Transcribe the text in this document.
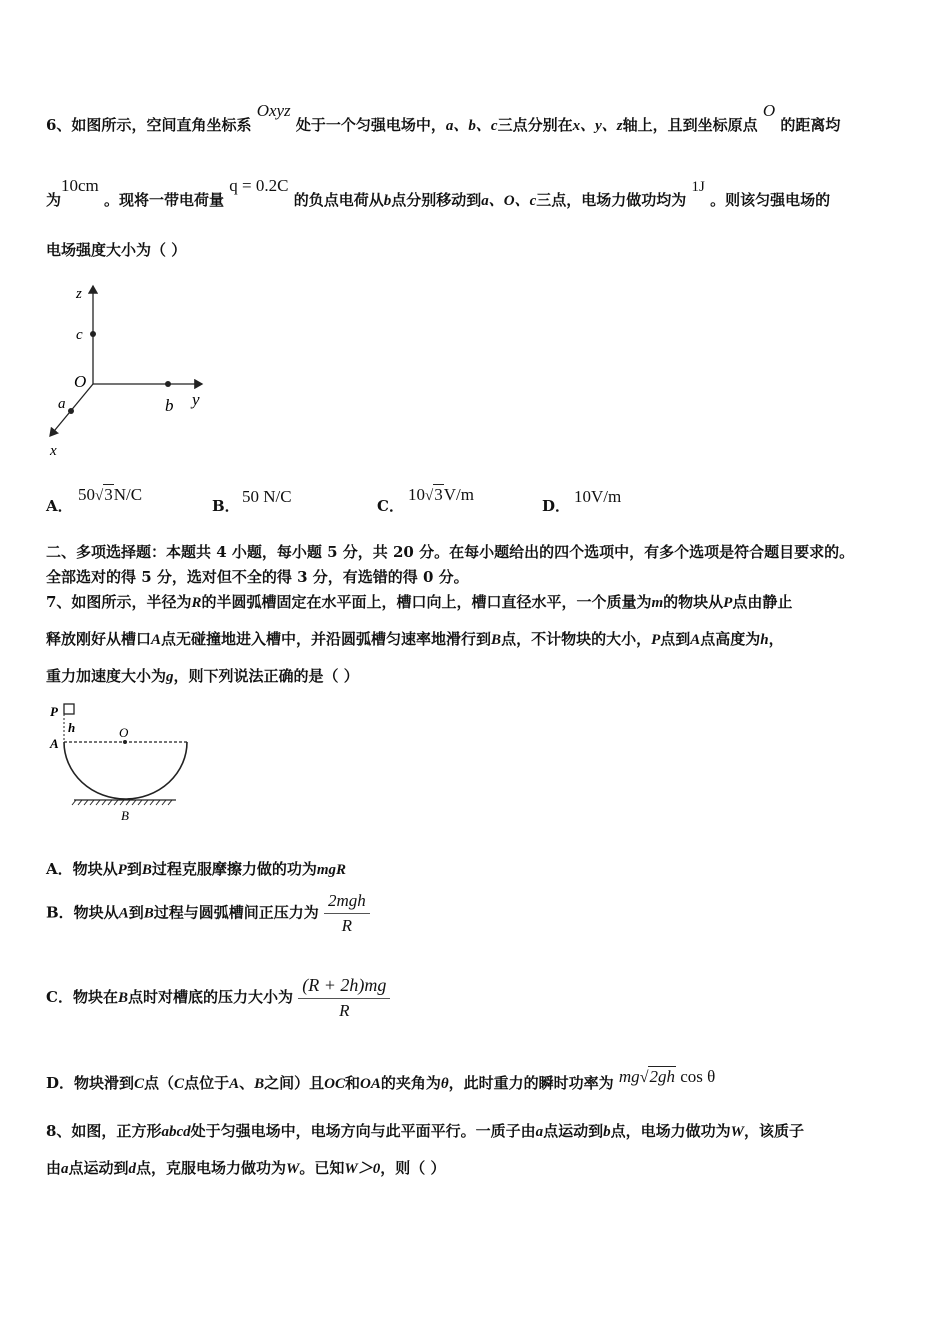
6、如图所示，空间直角坐标系 Oxyz 处于一个匀强电场中，a、b、c三点分别在x、y、z轴上，且到坐标原点 O 的距离均
为10cm 。现将一带电荷量 q = 0.2C 的负点电荷从b点分别移动到a、O、c三点，电场力做功均为 1J 。则该匀强电场的
电场强度大小为（ ）
z
c
O
a	b y
x
A．
50√3N/C
B． 50 N/C	C．
10√3V/m
D． 10V/m
二、多项选择题：本题共 4 小题，每小题 5 分，共 20 分。在每小题给出的四个选项中，有多个选项是符合题目要求的。
全部选对的得 5 分，选对但不全的得 3 分，有选错的得 0 分。
7、如图所示，半径为R的半圆弧槽固定在水平面上，槽口向上，槽口直径水平，一个质量为m的物块从P点由静止
释放刚好从槽口A点无碰撞地进入槽中，并沿圆弧槽匀速率地滑行到B点，不计物块的大小，P点到A点高度为h，
重力加速度大小为g，则下列说法正确的是（ ）
P
h
A
O
B
A．物块从P到B过程克服摩擦力做的功为mgR
B．物块从A到B过程与圆弧槽间正压力为 $\frac{\text{2mgh}}{R}$
C．物块在B点时对槽底的压力大小为 $\frac{(R + 2h)mg}{R}$
D．物块滑到C点（C点位于A、B之间）且OC和OA的夹角为θ，此时重力的瞬时功率为 mg√2gh cos θ
8、如图，正方形abcd处于匀强电场中，电场方向与此平面平行。一质子由a点运动到b点，电场力做功为W，该质子
由a点运动到d点，克服电场力做功为W。已知W＞0，则（ ）
